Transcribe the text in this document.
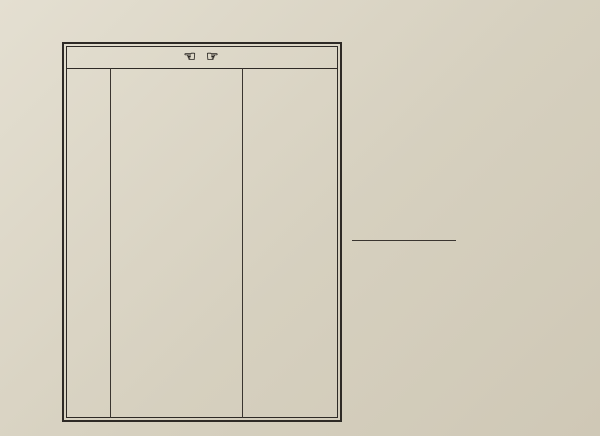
☜ ☞
